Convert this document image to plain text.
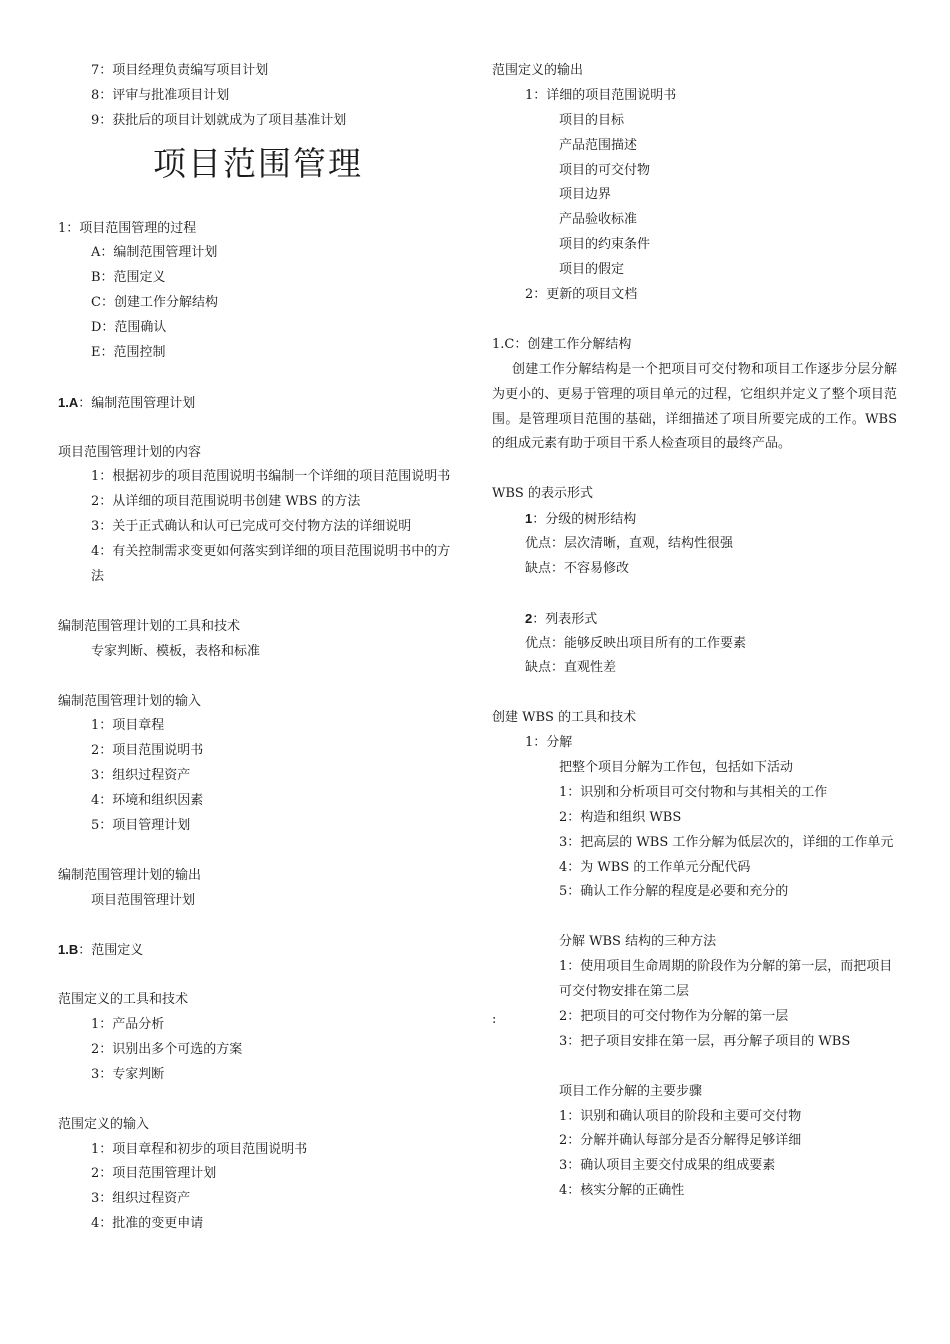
7：项目经理负责编写项目计划
8：评审与批准项目计划
9：获批后的项目计划就成为了项目基准计划
项目范围管理
1：项目范围管理的过程
A：编制范围管理计划
B：范围定义
C：创建工作分解结构
D：范围确认
E：范围控制
1.A：编制范围管理计划
项目范围管理计划的内容
1：根据初步的项目范围说明书编制一个详细的项目范围说明书
2：从详细的项目范围说明书创建 WBS 的方法
3：关于正式确认和认可已完成可交付物方法的详细说明
4：有关控制需求变更如何落实到详细的项目范围说明书中的方法
编制范围管理计划的工具和技术
专家判断、模板，表格和标准
编制范围管理计划的输入
1：项目章程
2：项目范围说明书
3：组织过程资产
4：环境和组织因素
5：项目管理计划
编制范围管理计划的输出
项目范围管理计划
1.B：范围定义
范围定义的工具和技术
1：产品分析
2：识别出多个可选的方案
3：专家判断
范围定义的输入
1：项目章程和初步的项目范围说明书
2：项目范围管理计划
3：组织过程资产
4：批准的变更申请
范围定义的输出
1：详细的项目范围说明书
项目的目标
产品范围描述
项目的可交付物
项目边界
产品验收标准
项目的约束条件
项目的假定
2：更新的项目文档
1.C：创建工作分解结构
创建工作分解结构是一个把项目可交付物和项目工作逐步分层分解为更小的、更易于管理的项目单元的过程，它组织并定义了整个项目范围。是管理项目范围的基础，详细描述了项目所要完成的工作。WBS 的组成元素有助于项目干系人检查项目的最终产品。
WBS 的表示形式
1：分级的树形结构
优点：层次清晰，直观，结构性很强
缺点：不容易修改
2：列表形式
优点：能够反映出项目所有的工作要素
缺点：直观性差
创建 WBS 的工具和技术
1：分解
把整个项目分解为工作包，包括如下活动
1：识别和分析项目可交付物和与其相关的工作
2：构造和组织 WBS
3：把高层的 WBS 工作分解为低层次的，详细的工作单元
4：为 WBS 的工作单元分配代码
5：确认工作分解的程度是必要和充分的
分解 WBS 结构的三种方法
1：使用项目生命周期的阶段作为分解的第一层，而把项目可交付物安排在第二层
2：把项目的可交付物作为分解的第一层
3：把子项目安排在第一层，再分解子项目的 WBS
项目工作分解的主要步骤
1：识别和确认项目的阶段和主要可交付物
2：分解并确认每部分是否分解得足够详细
3：确认项目主要交付成果的组成要素
4：核实分解的正确性
:
